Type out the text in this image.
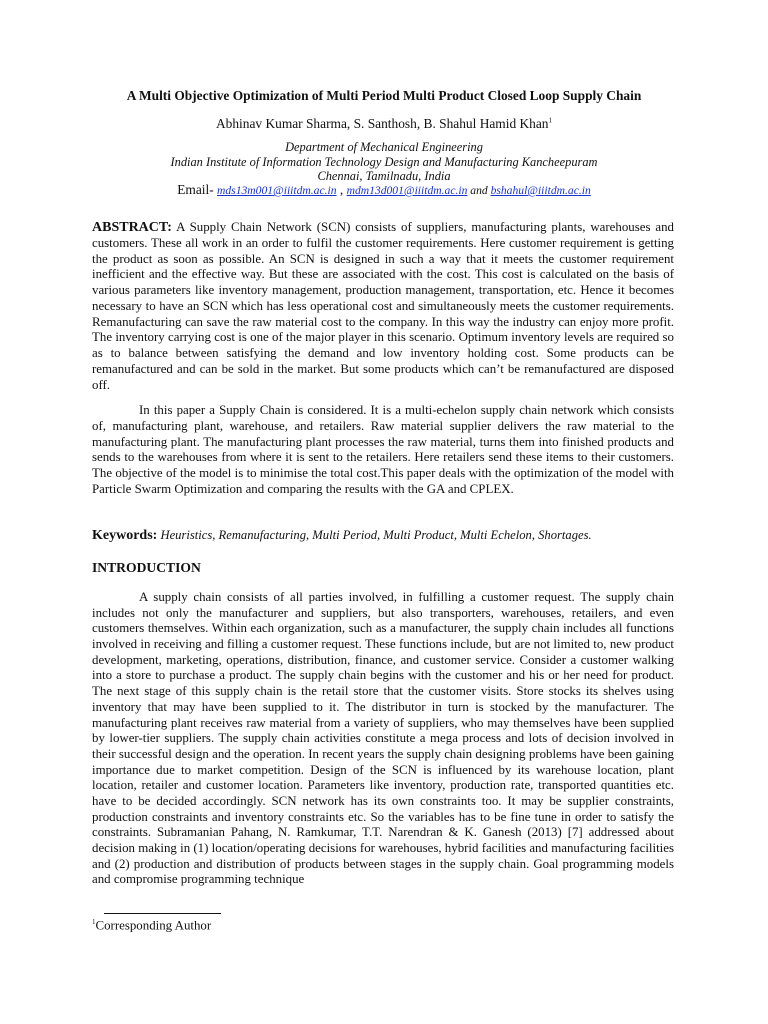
A Multi Objective Optimization of Multi Period Multi Product Closed Loop Supply Chain
Abhinav Kumar Sharma, S. Santhosh, B. Shahul Hamid Khan$^1$
Department of Mechanical Engineering
Indian Institute of Information Technology Design and Manufacturing Kancheepuram
Chennai, Tamilnadu, India
Email- mds13m001@iiitdm.ac.in , mdm13d001@iiitdm.ac.in and bshahul@iiitdm.ac.in
ABSTRACT: A Supply Chain Network (SCN) consists of suppliers, manufacturing plants, warehouses and customers. These all work in an order to fulfil the customer requirements. Here customer requirement is getting the product as soon as possible. An SCN is designed in such a way that it meets the customer requirement inefficient and the effective way. But these are associated with the cost. This cost is calculated on the basis of various parameters like inventory management, production management, transportation, etc. Hence it becomes necessary to have an SCN which has less operational cost and simultaneously meets the customer requirements. Remanufacturing can save the raw material cost to the company. In this way the industry can enjoy more profit. The inventory carrying cost is one of the major player in this scenario. Optimum inventory levels are required so as to balance between satisfying the demand and low inventory holding cost. Some products can be remanufactured and can be sold in the market. But some products which can’t be remanufactured are disposed off.
In this paper a Supply Chain is considered. It is a multi-echelon supply chain network which consists of, manufacturing plant, warehouse, and retailers. Raw material supplier delivers the raw material to the manufacturing plant. The manufacturing plant processes the raw material, turns them into finished products and sends to the warehouses from where it is sent to the retailers. Here retailers send these items to their customers. The objective of the model is to minimise the total cost.This paper deals with the optimization of the model with Particle Swarm Optimization and comparing the results with the GA and CPLEX.
Keywords: Heuristics, Remanufacturing, Multi Period, Multi Product, Multi Echelon, Shortages.
INTRODUCTION
A supply chain consists of all parties involved, in fulfilling a customer request. The supply chain includes not only the manufacturer and suppliers, but also transporters, warehouses, retailers, and even customers themselves. Within each organization, such as a manufacturer, the supply chain includes all functions involved in receiving and filling a customer request. These functions include, but are not limited to, new product development, marketing, operations, distribution, finance, and customer service. Consider a customer walking into a store to purchase a product. The supply chain begins with the customer and his or her need for product. The next stage of this supply chain is the retail store that the customer visits. Store stocks its shelves using inventory that may have been supplied to it. The distributor in turn is stocked by the manufacturer. The manufacturing plant receives raw material from a variety of suppliers, who may themselves have been supplied by lower-tier suppliers. The supply chain activities constitute a mega process and lots of decision involved in their successful design and the operation. In recent years the supply chain designing problems have been gaining importance due to market competition. Design of the SCN is influenced by its warehouse location, plant location, retailer and customer location. Parameters like inventory, production rate, transported quantities etc. have to be decided accordingly. SCN network has its own constraints too. It may be supplier constraints, production constraints and inventory constraints etc. So the variables has to be fine tune in order to satisfy the constraints. Subramanian Pahang, N. Ramkumar, T.T. Narendran & K. Ganesh (2013) [7] addressed about decision making in (1) location/operating decisions for warehouses, hybrid facilities and manufacturing facilities and (2) production and distribution of products between stages in the supply chain. Goal programming models and compromise programming technique
$^1$Corresponding Author
